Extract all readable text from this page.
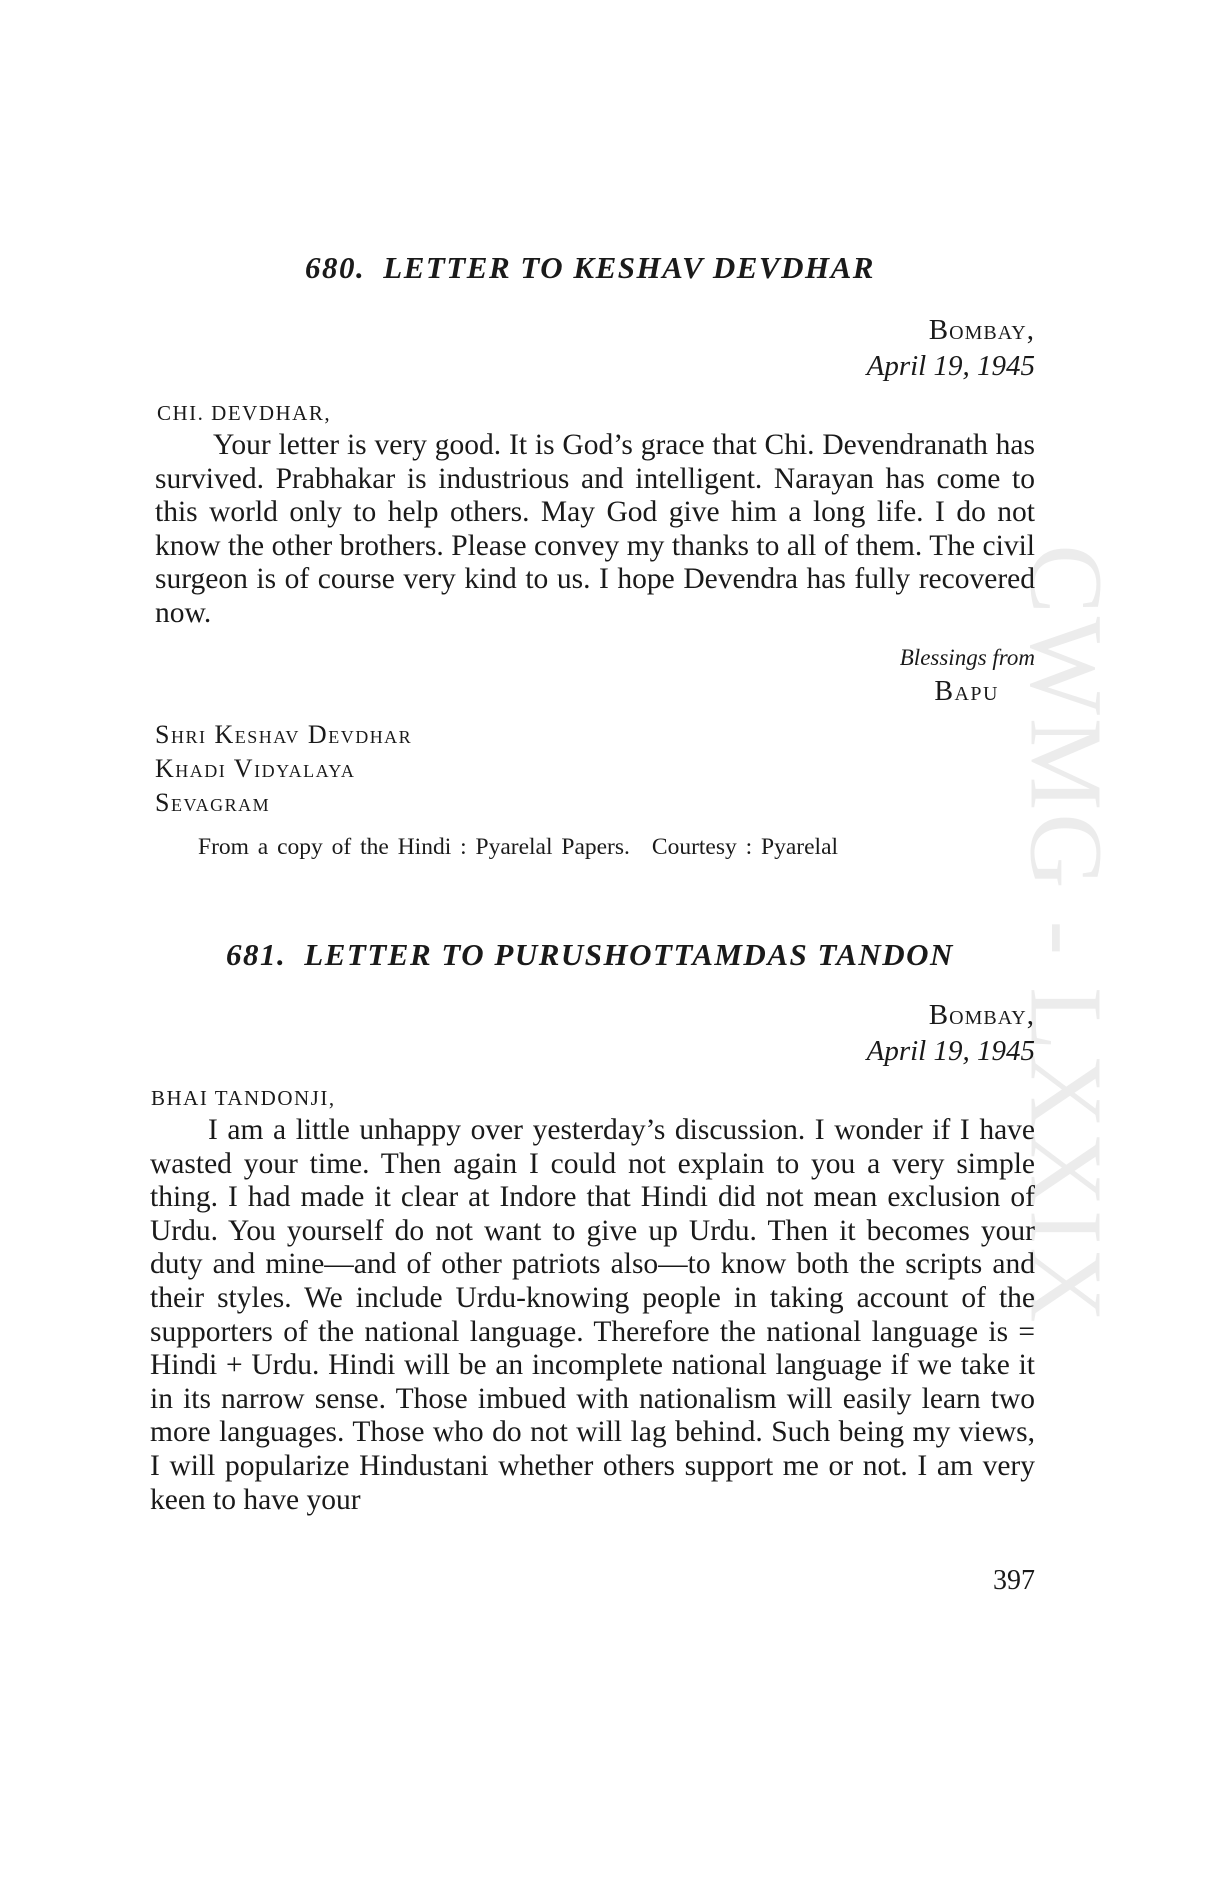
CWMG - LXXIX
680. LETTER TO KESHAV DEVDHAR
Bombay,
April 19, 1945
CHI. DEVDHAR,

Your letter is very good. It is God’s grace that Chi. Devendranath has survived. Prabhakar is industrious and intelligent. Narayan has come to this world only to help others. May God give him a long life. I do not know the other brothers. Please convey my thanks to all of them. The civil surgeon is of course very kind to us. I hope Devendra has fully recovered now.

Blessings from
Bapu
Shri Keshav Devdhar
Khadi Vidyalaya
Sevagram
From a copy of the Hindi : Pyarelal Papers. Courtesy : Pyarelal
681. LETTER TO PURUSHOTTAMDAS TANDON
Bombay,
April 19, 1945
BHAI TANDONJI,

I am a little unhappy over yesterday’s discussion. I wonder if I have wasted your time. Then again I could not explain to you a very simple thing. I had made it clear at Indore that Hindi did not mean exclusion of Urdu. You yourself do not want to give up Urdu. Then it becomes your duty and mine—and of other patriots also—to know both the scripts and their styles. We include Urdu-knowing people in taking account of the supporters of the national language. Therefore the national language is = Hindi + Urdu. Hindi will be an incomplete national language if we take it in its narrow sense. Those imbued with nationalism will easily learn two more languages. Those who do not will lag behind. Such being my views, I will popularize Hindustani whether others support me or not. I am very keen to have your

397
